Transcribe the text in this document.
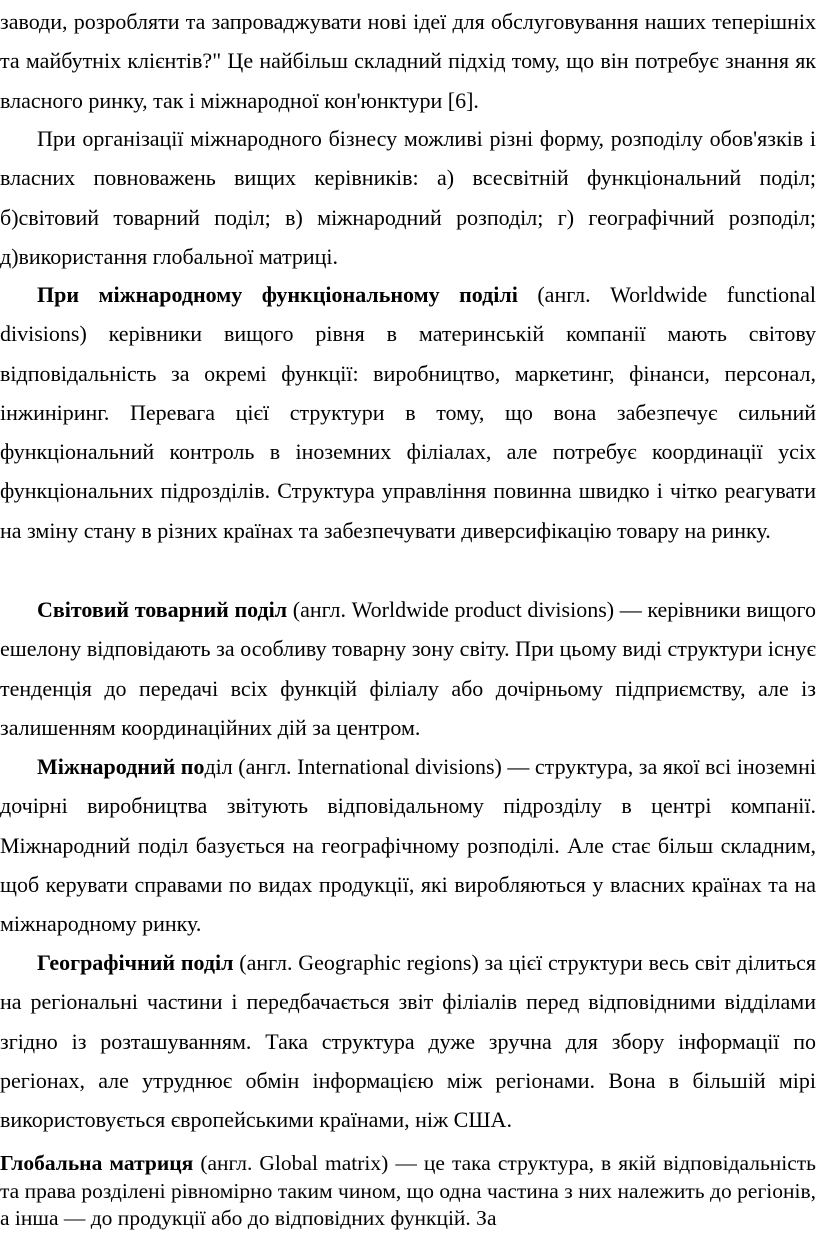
заводи, розробляти та запроваджувати нові ідеї для обслуговування наших теперішніх та майбутніх клієнтів?" Це найбільш складний підхід тому, що він потребує знання як власного ринку, так і міжнародної кон'юнктури [6].

При організації міжнародного бізнесу можливі різні форму, розподілу обов'язків і власних повноважень вищих керівників: а) всесвітній функціональний поділ; б)світовий товарний поділ; в) міжнародний розподіл; г) географічний розподіл; д)використання глобальної матриці.

При міжнародному функціональному поділі (англ. Worldwide functional divisions) керівники вищого рівня в материнській компанії мають світову відповідальність за окремі функції: виробництво, маркетинг, фінанси, персонал, інжиніринг. Перевага цієї структури в тому, що вона забезпечує сильний функціональний контроль в іноземних філіалах, але потребує координації усіх функціональних підрозділів. Структура управління повинна швидко і чітко реагувати на зміну стану в різних країнах та забезпечувати диверсифікацію товару на ринку.

Світовий товарний поділ (англ. Worldwide product divisions) — керівники вищого ешелону відповідають за особливу товарну зону світу. При цьому виді структури існує тенденція до передачі всіх функцій філіалу або дочірньому підприємству, але із залишенням координаційних дій за центром.

Міжнародний поділ (англ. International divisions) — структура, за якої всі іноземні дочірні виробництва звітують відповідальному підрозділу в центрі компанії. Міжнародний поділ базується на географічному розподілі. Але стає більш складним, щоб керувати справами по видах продукції, які виробляються у власних країнах та на міжнародному ринку.

Географічний поділ (англ. Geographic regions) за цієї структури весь світ ділиться на регіональні частини і передбачається звіт філіалів перед відповідними відділами згідно із розташуванням. Така структура дуже зручна для збору інформації по регіонах, але утруднює обмін інформацією між регіонами. Вона в більшій мірі використовується європейськими країнами, ніж США.

Глобальна матриця (англ. Global matrix) — це така структура, в якій відповідальність та права розділені рівномірно таким чином, що одна частина з них належить до регіонів, а інша — до продукції або до відповідних функцій. За
